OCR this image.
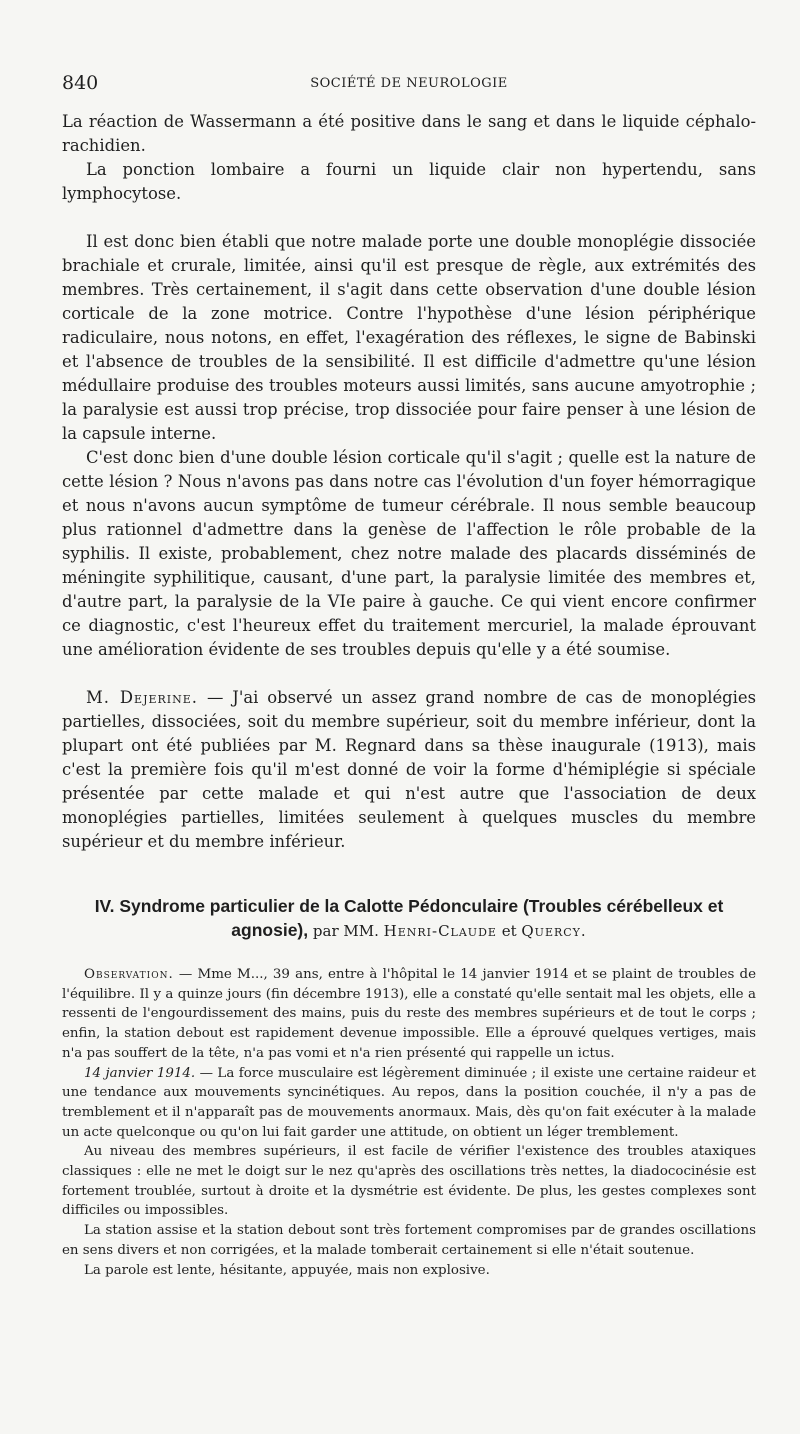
840	SOCIÉTÉ DE NEUROLOGIE

La réaction de Wassermann a été positive dans le sang et dans le liquide céphalo-rachidien.

La ponction lombaire a fourni un liquide clair non hypertendu, sans lymphocytose.

Il est donc bien établi que notre malade porte une double monoplégie dissociée brachiale et crurale, limitée, ainsi qu'il est presque de règle, aux extrémités des membres. Très certainement, il s'agit dans cette observation d'une double lésion corticale de la zone motrice. Contre l'hypothèse d'une lésion périphérique radiculaire, nous notons, en effet, l'exagération des réflexes, le signe de Babinski et l'absence de troubles de la sensibilité. Il est difficile d'admettre qu'une lésion médullaire produise des troubles moteurs aussi limités, sans aucune amyotrophie ; la paralysie est aussi trop précise, trop dissociée pour faire penser à une lésion de la capsule interne.

C'est donc bien d'une double lésion corticale qu'il s'agit ; quelle est la nature de cette lésion ? Nous n'avons pas dans notre cas l'évolution d'un foyer hémorragique et nous n'avons aucun symptôme de tumeur cérébrale. Il nous semble beaucoup plus rationnel d'admettre dans la genèse de l'affection le rôle probable de la syphilis. Il existe, probablement, chez notre malade des placards disséminés de méningite syphilitique, causant, d'une part, la paralysie limitée des membres et, d'autre part, la paralysie de la VIe paire à gauche. Ce qui vient encore confirmer ce diagnostic, c'est l'heureux effet du traitement mercuriel, la malade éprouvant une amélioration évidente de ses troubles depuis qu'elle y a été soumise.

M. Dejerine. — J'ai observé un assez grand nombre de cas de monoplégies partielles, dissociées, soit du membre supérieur, soit du membre inférieur, dont la plupart ont été publiées par M. Regnard dans sa thèse inaugurale (1913), mais c'est la première fois qu'il m'est donné de voir la forme d'hémiplégie si spéciale présentée par cette malade et qui n'est autre que l'association de deux monoplégies partielles, limitées seulement à quelques muscles du membre supérieur et du membre inférieur.

IV. Syndrome particulier de la Calotte Pédonculaire (Troubles cérébelleux et agnosie), par MM. Henri-Claude et Quercy.

Observation. — Mme M..., 39 ans, entre à l'hôpital le 14 janvier 1914 et se plaint de troubles de l'équilibre. Il y a quinze jours (fin décembre 1913), elle a constaté qu'elle sentait mal les objets, elle a ressenti de l'engourdissement des mains, puis du reste des membres supérieurs et de tout le corps ; enfin, la station debout est rapidement devenue impossible. Elle a éprouvé quelques vertiges, mais n'a pas souffert de la tête, n'a pas vomi et n'a rien présenté qui rappelle un ictus.

14 janvier 1914. — La force musculaire est légèrement diminuée ; il existe une certaine raideur et une tendance aux mouvements syncinétiques. Au repos, dans la position couchée, il n'y a pas de tremblement et il n'apparaît pas de mouvements anormaux. Mais, dès qu'on fait exécuter à la malade un acte quelconque ou qu'on lui fait garder une attitude, on obtient un léger tremblement.

Au niveau des membres supérieurs, il est facile de vérifier l'existence des troubles ataxiques classiques : elle ne met le doigt sur le nez qu'après des oscillations très nettes, la diadococinésie est fortement troublée, surtout à droite et la dysmétrie est évidente. De plus, les gestes complexes sont difficiles ou impossibles.

La station assise et la station debout sont très fortement compromises par de grandes oscillations en sens divers et non corrigées, et la malade tomberait certainement si elle n'était soutenue.

La parole est lente, hésitante, appuyée, mais non explosive.
